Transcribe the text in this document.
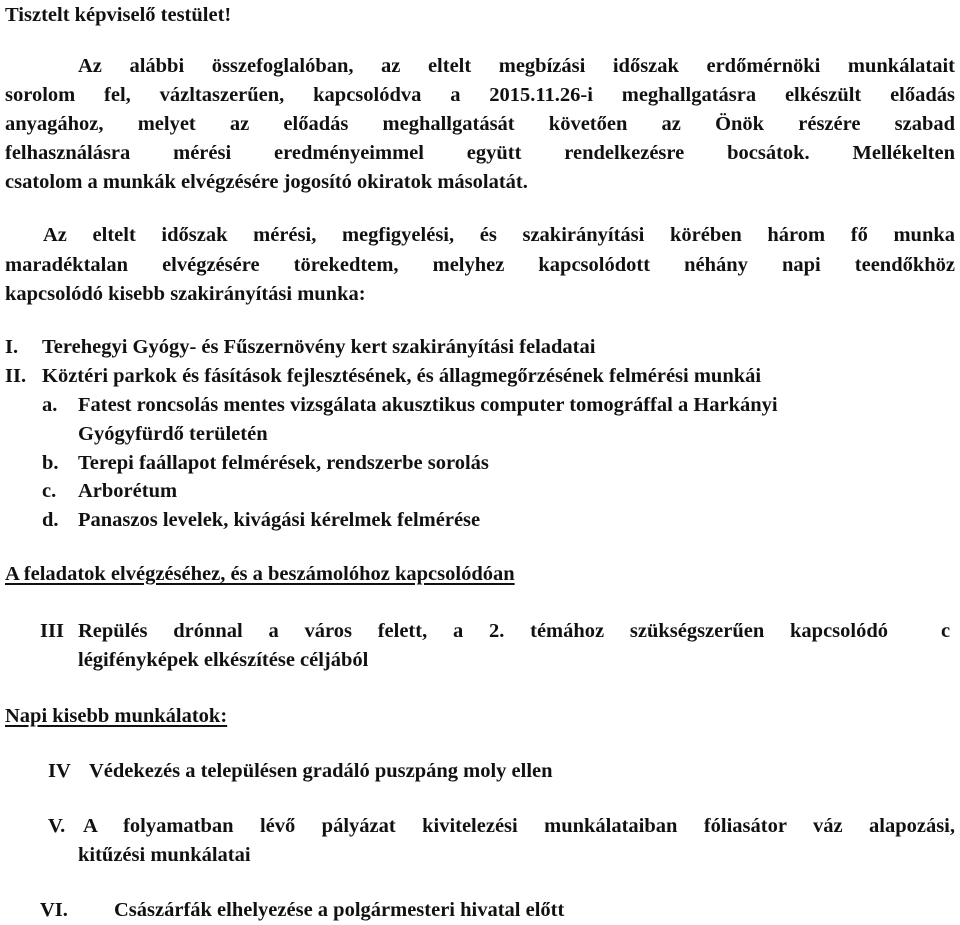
Tisztelt képviselő testület!
Az alábbi összefoglalóban, az eltelt megbízási időszak erdőmérnöki munkálatait
sorolom fel, vázltaszerűen, kapcsolódva a 2015.11.26-i meghallgatásra elkészült előadás
anyagához, melyet az előadás meghallgatását követően az Önök részére szabad
felhasználásra mérési eredményeimmel együtt rendelkezésre bocsátok. Mellékelten
csatolom a munkák elvégzésére jogosító okiratok másolatát.
Az eltelt időszak mérési, megfigyelési, és szakirányítási körében három fő munka
maradéktalan elvégzésére törekedtem, melyhez kapcsolódott néhány napi teendőkhöz
kapcsolódó kisebb szakirányítási munka:
I. Terehegyi Gyógy- és Fűszernövény kert szakirányítási feladatai
II. Köztéri parkok és fásítások fejlesztésének, és állagmegőrzésének felmérési munkái
a. Fatest roncsolás mentes vizsgálata akusztikus computer tomográffal a Harkányi
Gyógyfürdő területén
b. Terepi faállapot felmérések, rendszerbe sorolás
c. Arborétum
d. Panaszos levelek, kivágási kérelmek felmérése
A feladatok elvégzéséhez, és a beszámolóhoz kapcsolódóan
III Repülés drónnal a város felett, a 2. témához szükségszerűen kapcsolódó	c
légifényképek elkészítése céljából
Napi kisebb munkálatok:
IV Védekezés a településen gradáló puszpáng moly ellen
V. A folyamatban lévő pályázat kivitelezési munkálataiban fóliasátor váz alapozási,
kitűzési munkálatai
VI. Császárfák elhelyezése a polgármesteri hivatal előtt
